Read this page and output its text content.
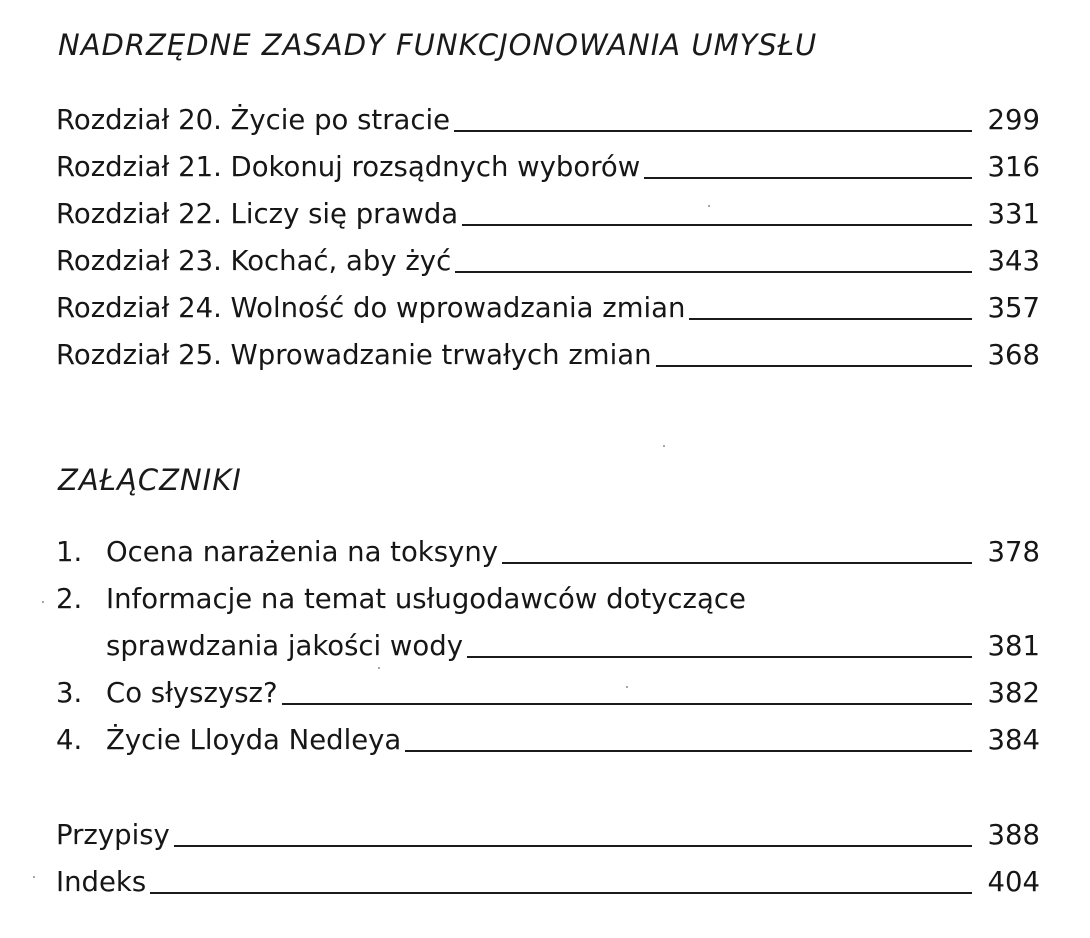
NADRZĘDNE ZASADY FUNKCJONOWANIA UMYSŁU
Rozdział 20. Życie po stracie	299
Rozdział 21. Dokonuj rozsądnych wyborów	316
Rozdział 22. Liczy się prawda	331
Rozdział 23. Kochać, aby żyć	343
Rozdział 24. Wolność do wprowadzania zmian	357
Rozdział 25. Wprowadzanie trwałych zmian	368
ZAŁĄCZNIKI
1. Ocena narażenia na toksyny	378
2. Informacje na temat usługodawców dotyczące
sprawdzania jakości wody	381
3. Co słyszysz?	382
4. Życie Lloyda Nedleya	384
Przypisy	388
Indeks	404
